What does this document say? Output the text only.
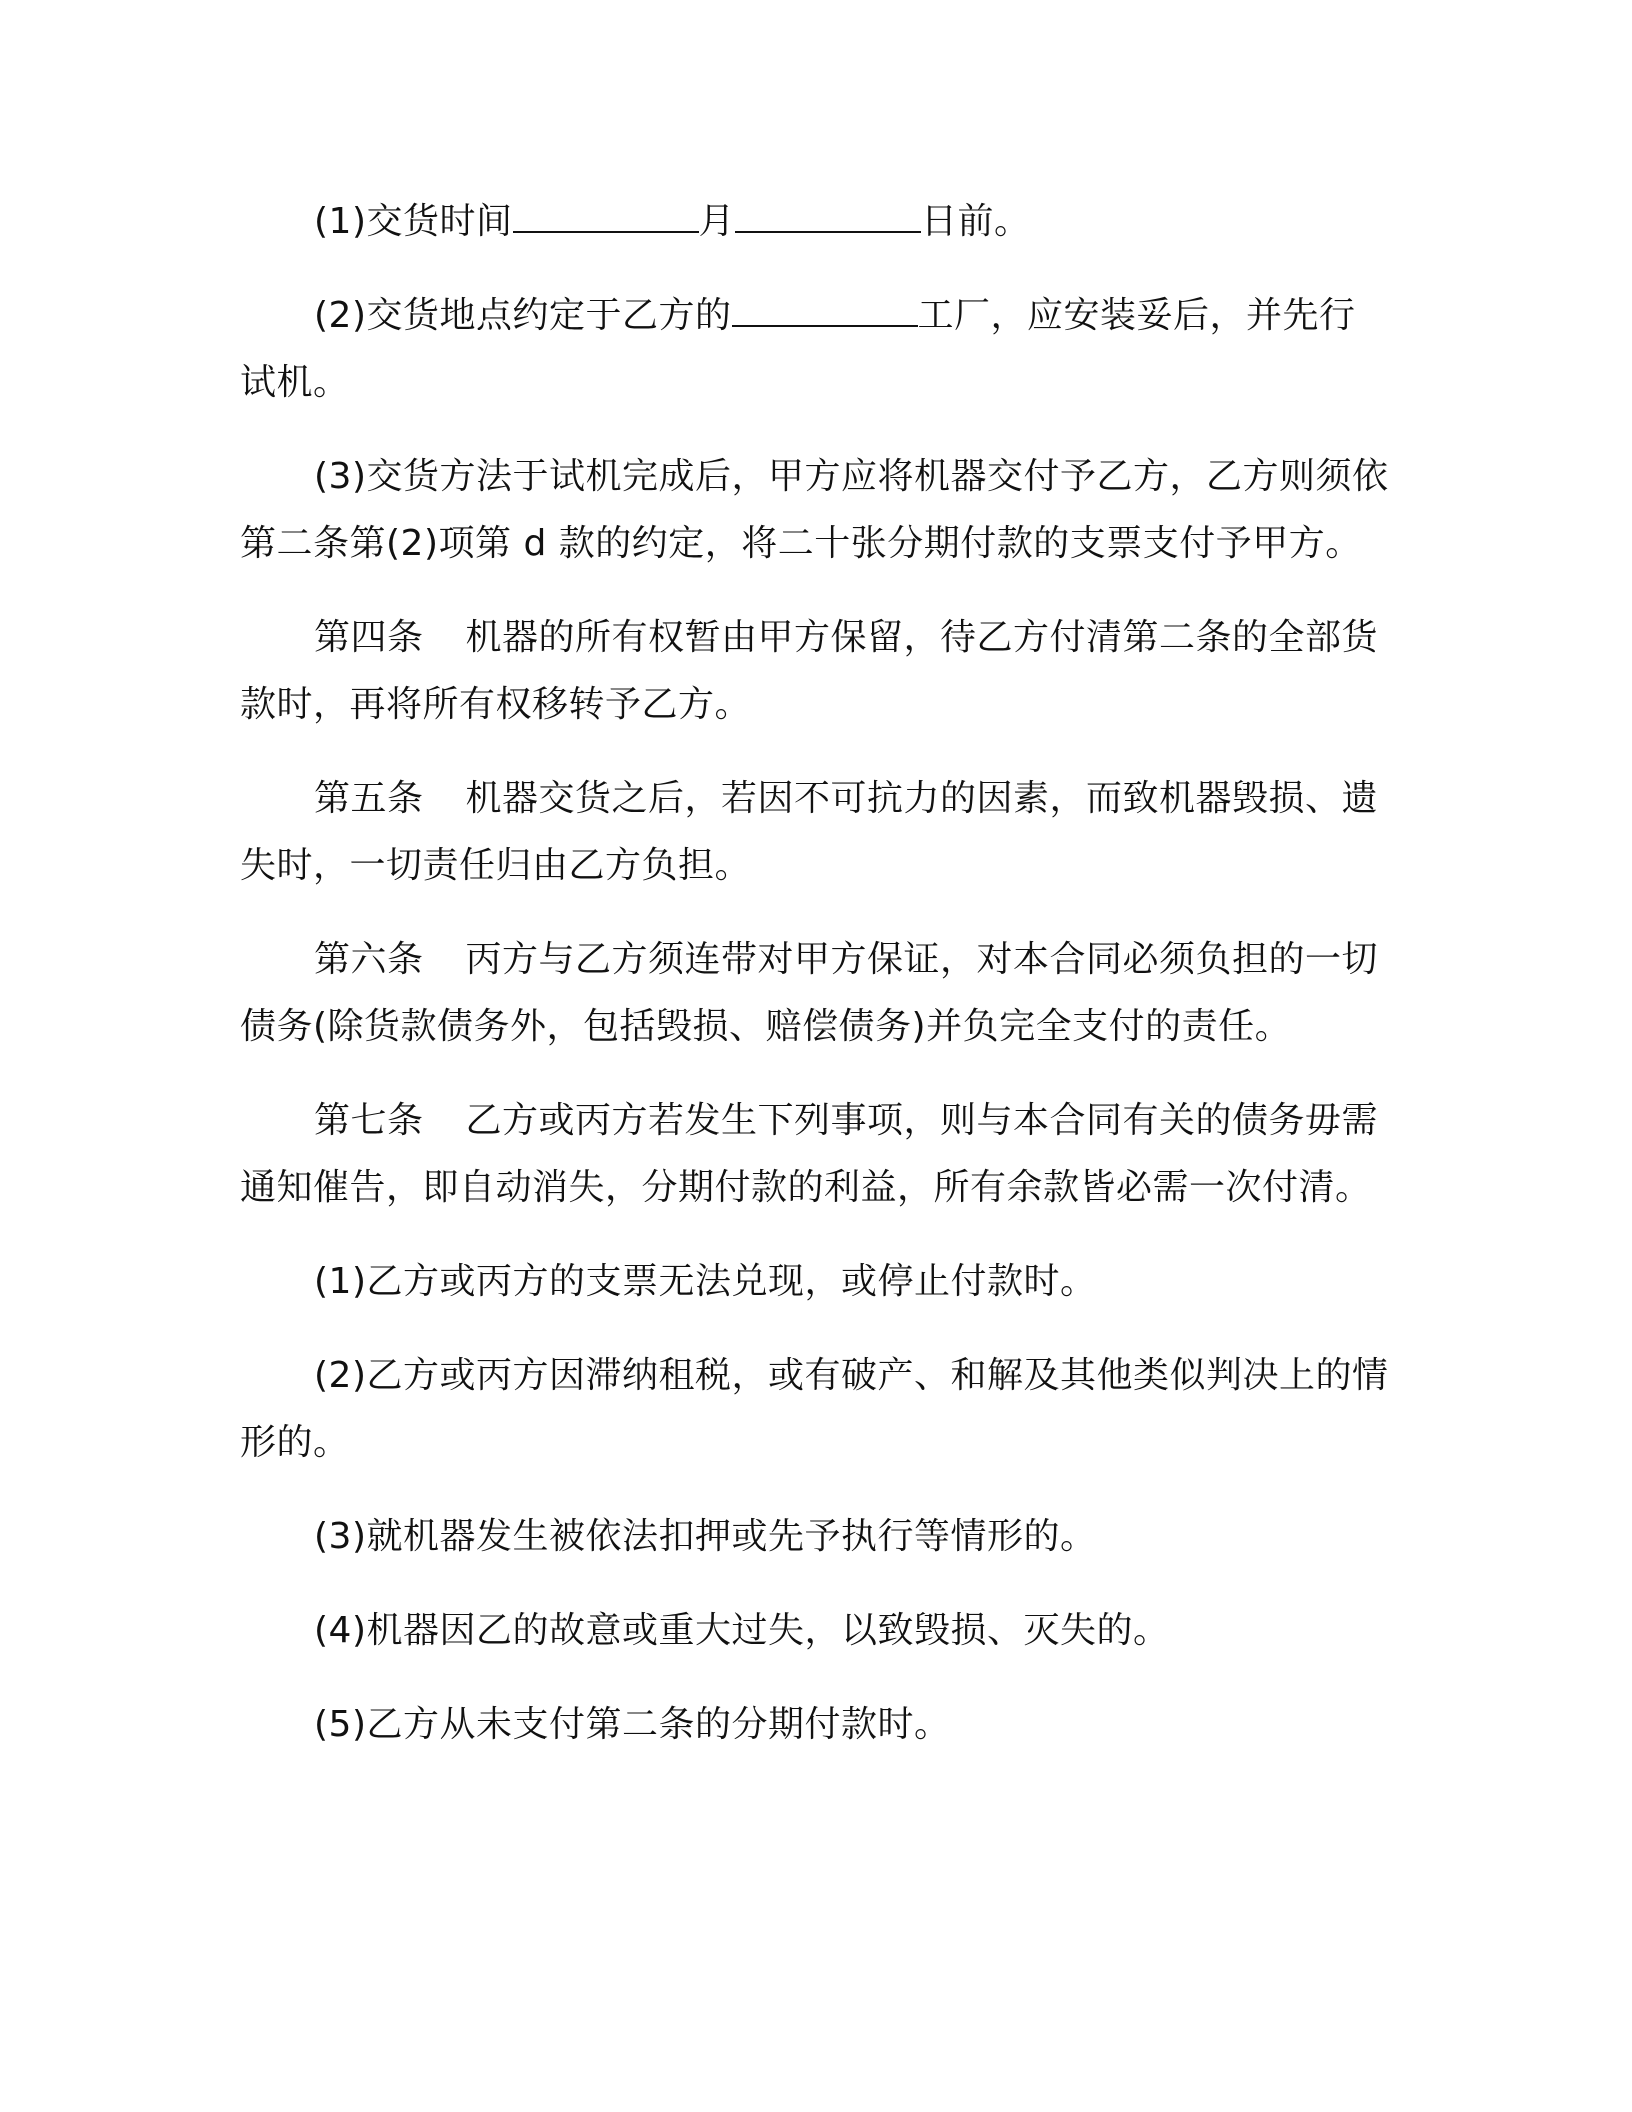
(1)交货时间	月	日前。

(2)交货地点约定于乙方的	工厂，应安装妥后，并先行试机。

(3)交货方法于试机完成后，甲方应将机器交付予乙方，乙方则须依第二条第(2)项第 d 款的约定，将二十张分期付款的支票支付予甲方。

第四条 机器的所有权暂由甲方保留，待乙方付清第二条的全部货款时，再将所有权移转予乙方。

第五条 机器交货之后，若因不可抗力的因素，而致机器毁损、遗失时，一切责任归由乙方负担。

第六条 丙方与乙方须连带对甲方保证，对本合同必须负担的一切债务(除货款债务外，包括毁损、赔偿债务)并负完全支付的责任。

第七条 乙方或丙方若发生下列事项，则与本合同有关的债务毋需通知催告，即自动消失，分期付款的利益，所有余款皆必需一次付清。

(1)乙方或丙方的支票无法兑现，或停止付款时。

(2)乙方或丙方因滞纳租税，或有破产、和解及其他类似判决上的情形的。

(3)就机器发生被依法扣押或先予执行等情形的。

(4)机器因乙的故意或重大过失，以致毁损、灭失的。

(5)乙方从未支付第二条的分期付款时。
